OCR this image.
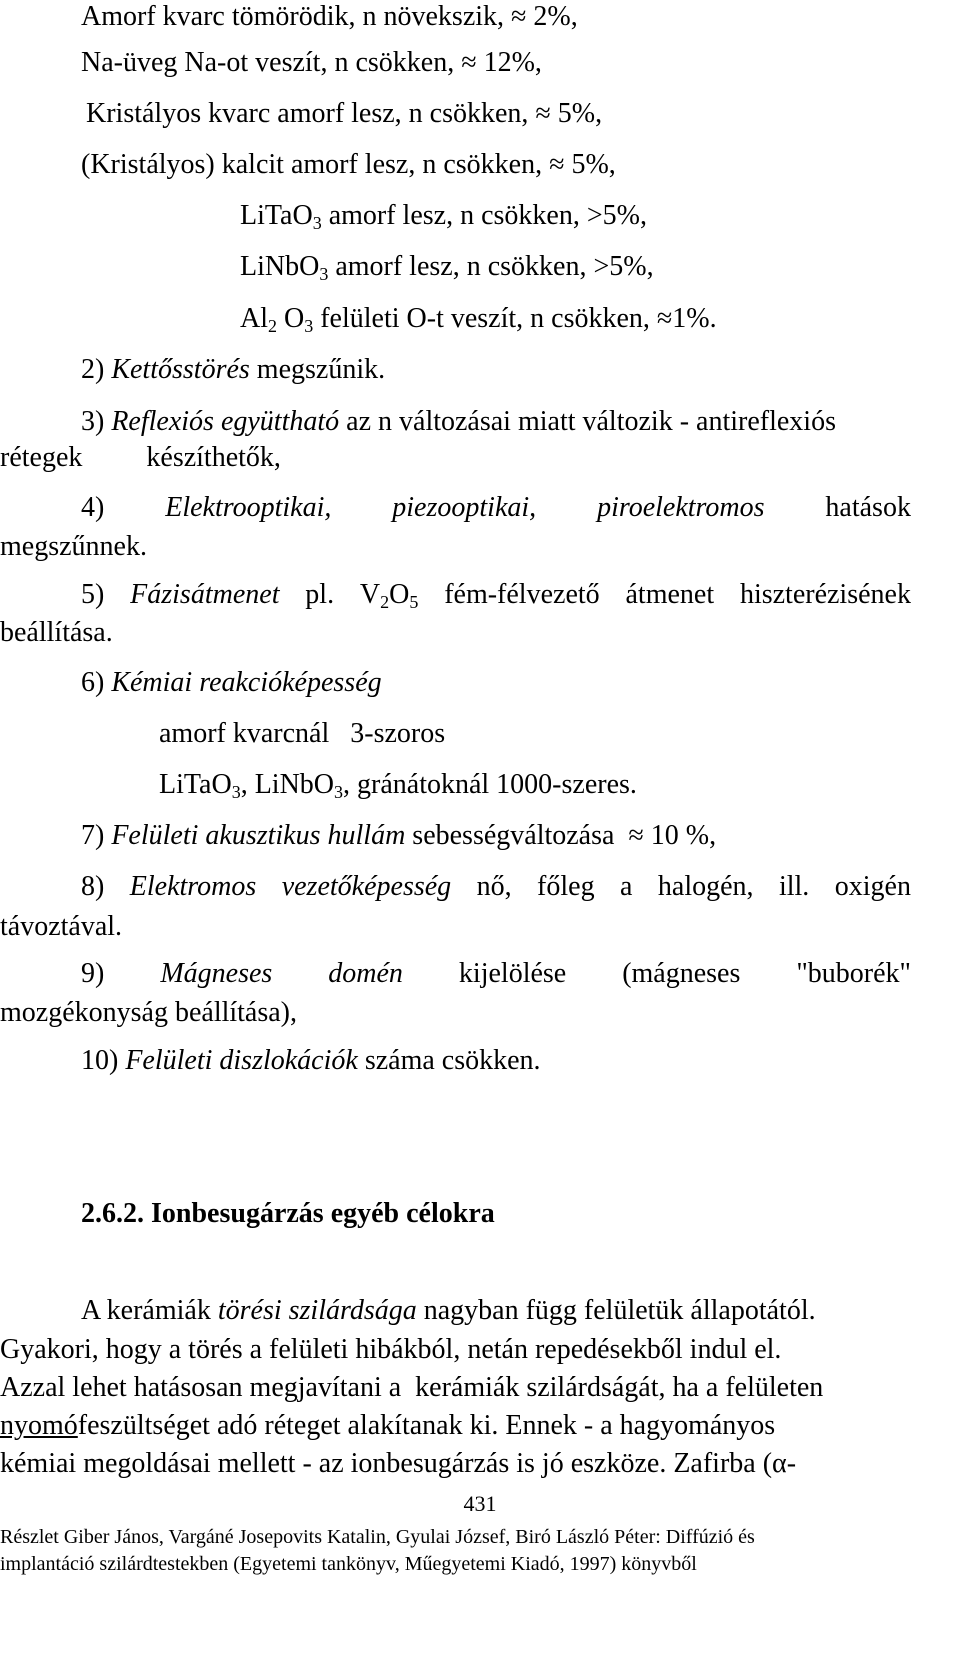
Amorf kvarc tömörödik, n növekszik, ≈ 2%,
Na-üveg Na-ot veszít, n csökken, ≈ 12%,
Kristályos kvarc amorf lesz, n csökken, ≈ 5%,
(Kristályos) kalcit amorf lesz, n csökken, ≈ 5%,
LiTaO$_3$ amorf lesz, n csökken, >5%,
LiNbO$_3$ amorf lesz, n csökken, >5%,
$Al_2$ $O_3$ felületi O-t veszít, n csökken, ≈1%.
2) Kettősstörés megszűnik.
3) Reflexiós együttható az n változásai miatt változik - antireflexiós
rétegek készíthetők,
4) Elektrooptikai, piezooptikai, piroelektromos hatások
megszűnnek.
5) Fázisátmenet pl. $V_2O_5$ fém-félvezető átmenet hiszterézisének
beállítása.
6) Kémiai reakcióképesség
amorf kvarcnál   3-szoros
LiTaO$_3$, LiNbO$_3$, gránátoknál 1000-szeres.
7) Felületi akusztikus hullám sebességváltozása  ≈ 10 %,
8) Elektromos vezetőképesség nő, főleg a halogén, ill. oxigén
távoztával.
9) Mágneses domén kijelölése (mágneses "buborék"
mozgékonyság beállítása),
10) Felületi diszlokációk száma csökken.
2.6.2. Ionbesugárzás egyéb célokra
A kerámiák törési szilárdsága nagyban függ felületük állapotától.
Gyakori, hogy a törés a felületi hibákból, netán repedésekből indul el.
Azzal lehet hatásosan megjavítani a  kerámiák szilárdságát, ha a felületen
nyomófeszültséget adó réteget alakítanak ki. Ennek - a hagyományos
kémiai megoldásai mellett - az ionbesugárzás is jó eszköze. Zafirba (α-
431
Részlet Giber János, Vargáné Josepovits Katalin, Gyulai József, Biró László Péter: Diffúzió és
implantáció szilárdtestekben (Egyetemi tankönyv, Műegyetemi Kiadó, 1997) könyvből
